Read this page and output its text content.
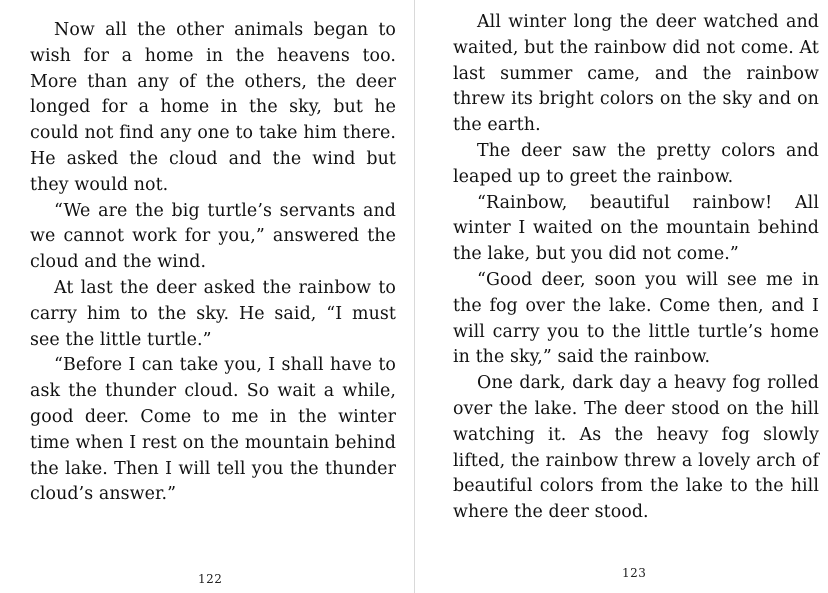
Now all the other animals began to wish for a home in the heavens too. More than any of the others, the deer longed for a home in the sky, but he could not find any one to take him there. He asked the cloud and the wind but they would not.

“We are the big turtle’s servants and we cannot work for you,” answered the cloud and the wind.

At last the deer asked the rainbow to carry him to the sky. He said, “I must see the little turtle.”

“Before I can take you, I shall have to ask the thunder cloud. So wait a while, good deer. Come to me in the winter time when I rest on the mountain behind the lake. Then I will tell you the thunder cloud’s answer.”

122

All winter long the deer watched and waited, but the rainbow did not come. At last summer came, and the rainbow threw its bright colors on the sky and on the earth.

The deer saw the pretty colors and leaped up to greet the rainbow.

“Rainbow, beautiful rainbow! All winter I waited on the mountain behind the lake, but you did not come.”

“Good deer, soon you will see me in the fog over the lake. Come then, and I will carry you to the little turtle’s home in the sky,” said the rainbow.

One dark, dark day a heavy fog rolled over the lake. The deer stood on the hill watching it. As the heavy fog slowly lifted, the rainbow threw a lovely arch of beautiful colors from the lake to the hill where the deer stood.

123
